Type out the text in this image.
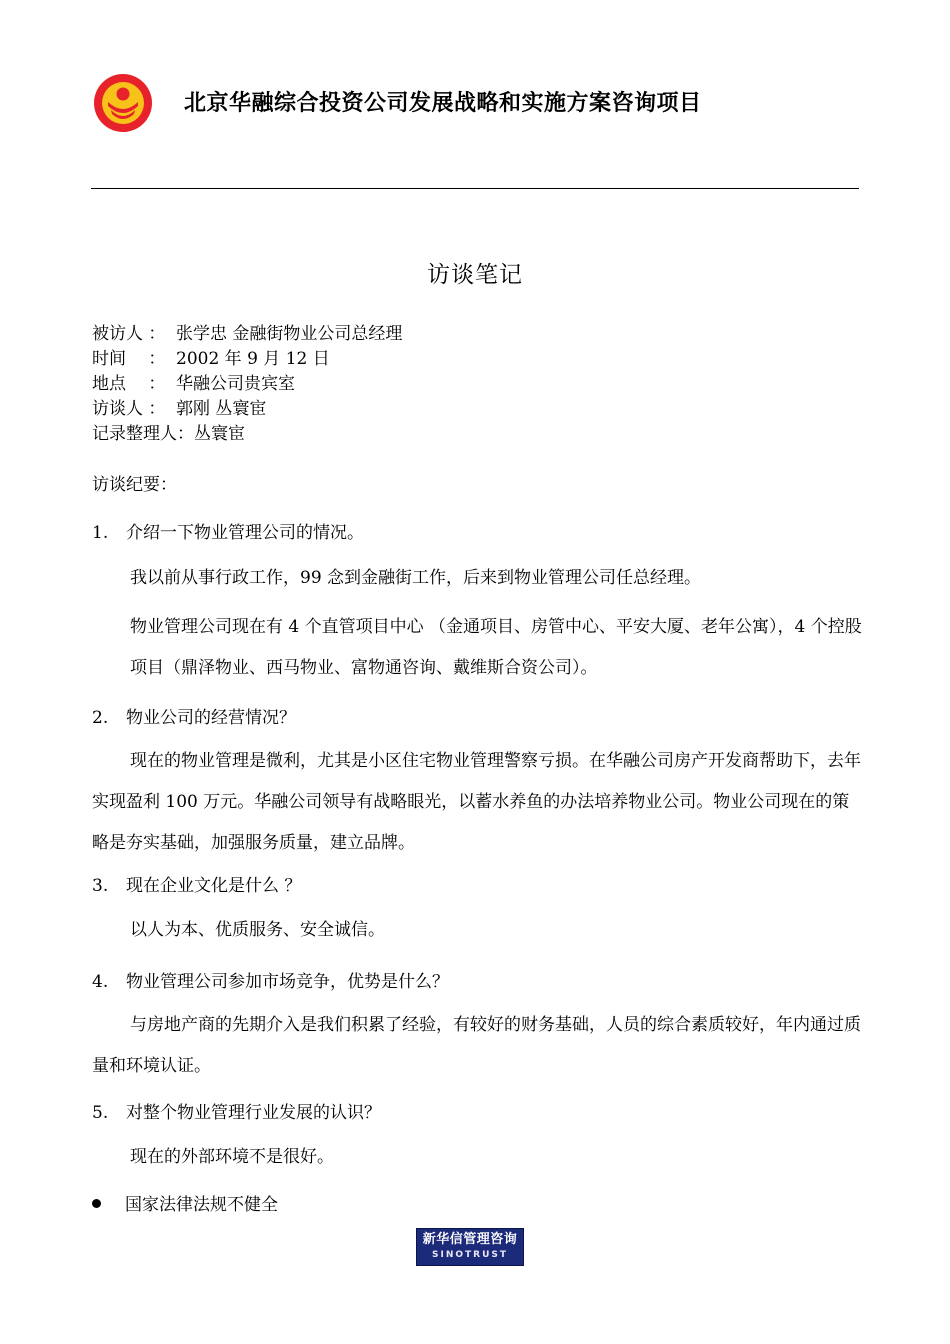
北京华融综合投资公司发展战略和实施方案咨询项目
访谈笔记
被访人 ： 张学忠 金融街物业公司总经理
时间　 ： 2002 年 9 月 12 日
地点　 ： 华融公司贵宾室
访谈人 ： 郭刚 丛寰宦
记录整理人：丛寰宦
访谈纪要：
1. 介绍一下物业管理公司的情况。
我以前从事行政工作，99 念到金融街工作，后来到物业管理公司任总经理。
物业管理公司现在有 4 个直管项目中心 （金通项目、房管中心、平安大厦、老年公寓），4 个控股项目（鼎泽物业、西马物业、富物通咨询、戴维斯合资公司）。
2. 物业公司的经营情况？
现在的物业管理是微利，尤其是小区住宅物业管理警察亏损。在华融公司房产开发商帮助下，去年实现盈利 100 万元。华融公司领导有战略眼光，以蓄水养鱼的办法培养物业公司。物业公司现在的策略是夯实基础，加强服务质量，建立品牌。
3. 现在企业文化是什么 ？
以人为本、优质服务、安全诚信。
4. 物业管理公司参加市场竞争，优势是什么？
与房地产商的先期介入是我们积累了经验，有较好的财务基础，人员的综合素质较好，年内通过质量和环境认证。
5. 对整个物业管理行业发展的认识？
现在的外部环境不是很好。
国家法律法规不健全
新华信管理咨询
SINOTRUST
